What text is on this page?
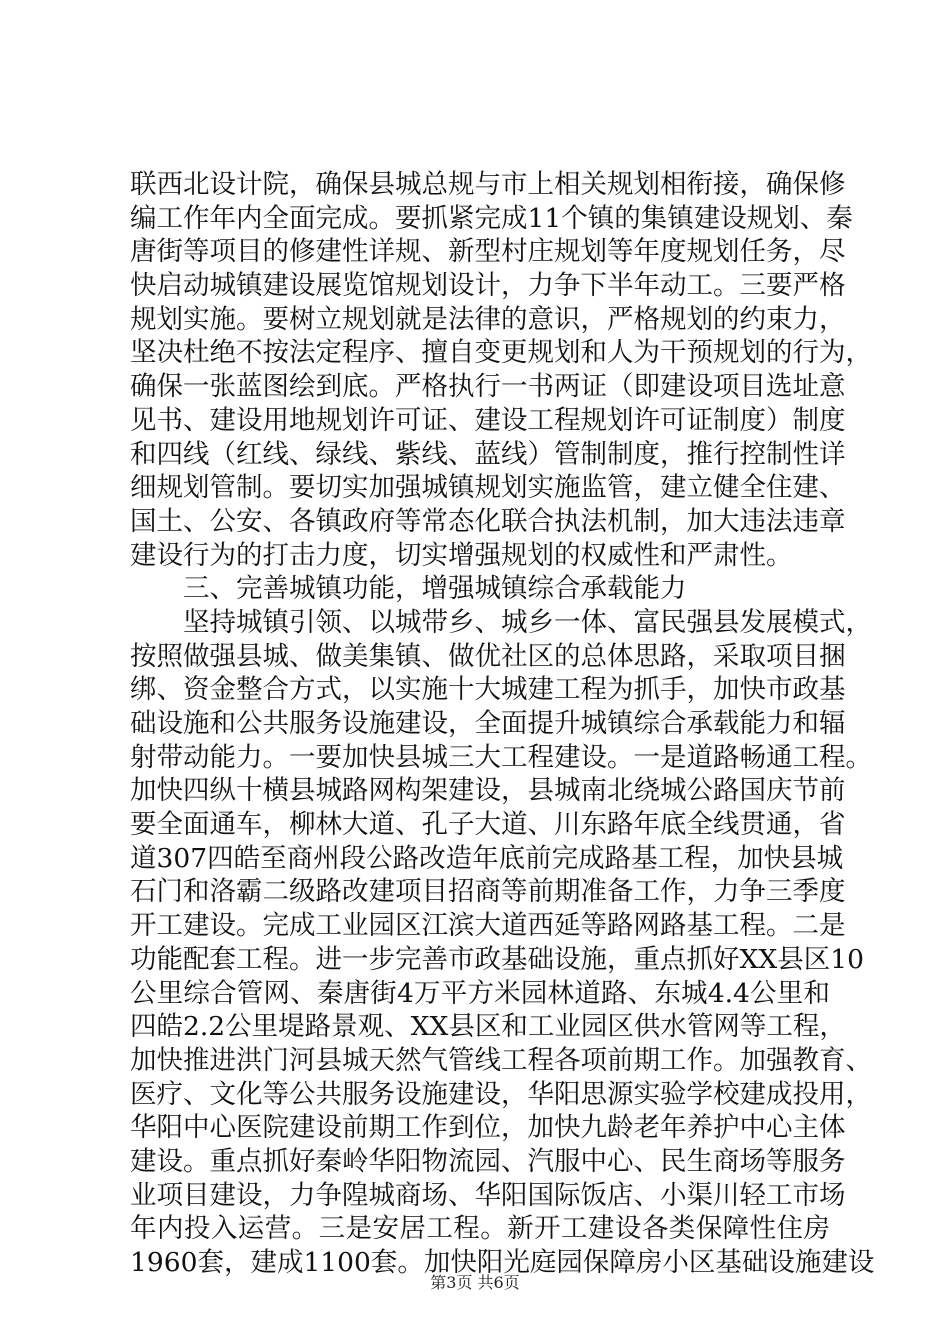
联西北设计院，确保县城总规与市上相关规划相衔接，确保修
编工作年内全面完成。要抓紧完成11个镇的集镇建设规划、秦
唐街等项目的修建性详规、新型村庄规划等年度规划任务，尽
快启动城镇建设展览馆规划设计，力争下半年动工。三要严格
规划实施。要树立规划就是法律的意识，严格规划的约束力，
坚决杜绝不按法定程序、擅自变更规划和人为干预规划的行为，
确保一张蓝图绘到底。严格执行一书两证（即建设项目选址意
见书、建设用地规划许可证、建设工程规划许可证制度）制度
和四线（红线、绿线、紫线、蓝线）管制制度，推行控制性详
细规划管制。要切实加强城镇规划实施监管，建立健全住建、
国土、公安、各镇政府等常态化联合执法机制，加大违法违章
建设行为的打击力度，切实增强规划的权威性和严肃性。
三、完善城镇功能，增强城镇综合承载能力
坚持城镇引领、以城带乡、城乡一体、富民强县发展模式，
按照做强县城、做美集镇、做优社区的总体思路，采取项目捆
绑、资金整合方式，以实施十大城建工程为抓手，加快市政基
础设施和公共服务设施建设，全面提升城镇综合承载能力和辐
射带动能力。一要加快县城三大工程建设。一是道路畅通工程。
加快四纵十横县城路网构架建设，县城南北绕城公路国庆节前
要全面通车，柳林大道、孔子大道、川东路年底全线贯通，省
道307四皓至商州段公路改造年底前完成路基工程，加快县城
石门和洛霸二级路改建项目招商等前期准备工作，力争三季度
开工建设。完成工业园区江滨大道西延等路网路基工程。二是
功能配套工程。进一步完善市政基础设施，重点抓好XX县区10
公里综合管网、秦唐街4万平方米园林道路、东城4.4公里和
四皓2.2公里堤路景观、XX县区和工业园区供水管网等工程，
加快推进洪门河县城天然气管线工程各项前期工作。加强教育、
医疗、文化等公共服务设施建设，华阳思源实验学校建成投用，
华阳中心医院建设前期工作到位，加快九龄老年养护中心主体
建设。重点抓好秦岭华阳物流园、汽服中心、民生商场等服务
业项目建设，力争隍城商场、华阳国际饭店、小渠川轻工市场
年内投入运营。三是安居工程。新开工建设各类保障性住房
1960套，建成1100套。加快阳光庭园保障房小区基础设施建设
第3页 共6页
